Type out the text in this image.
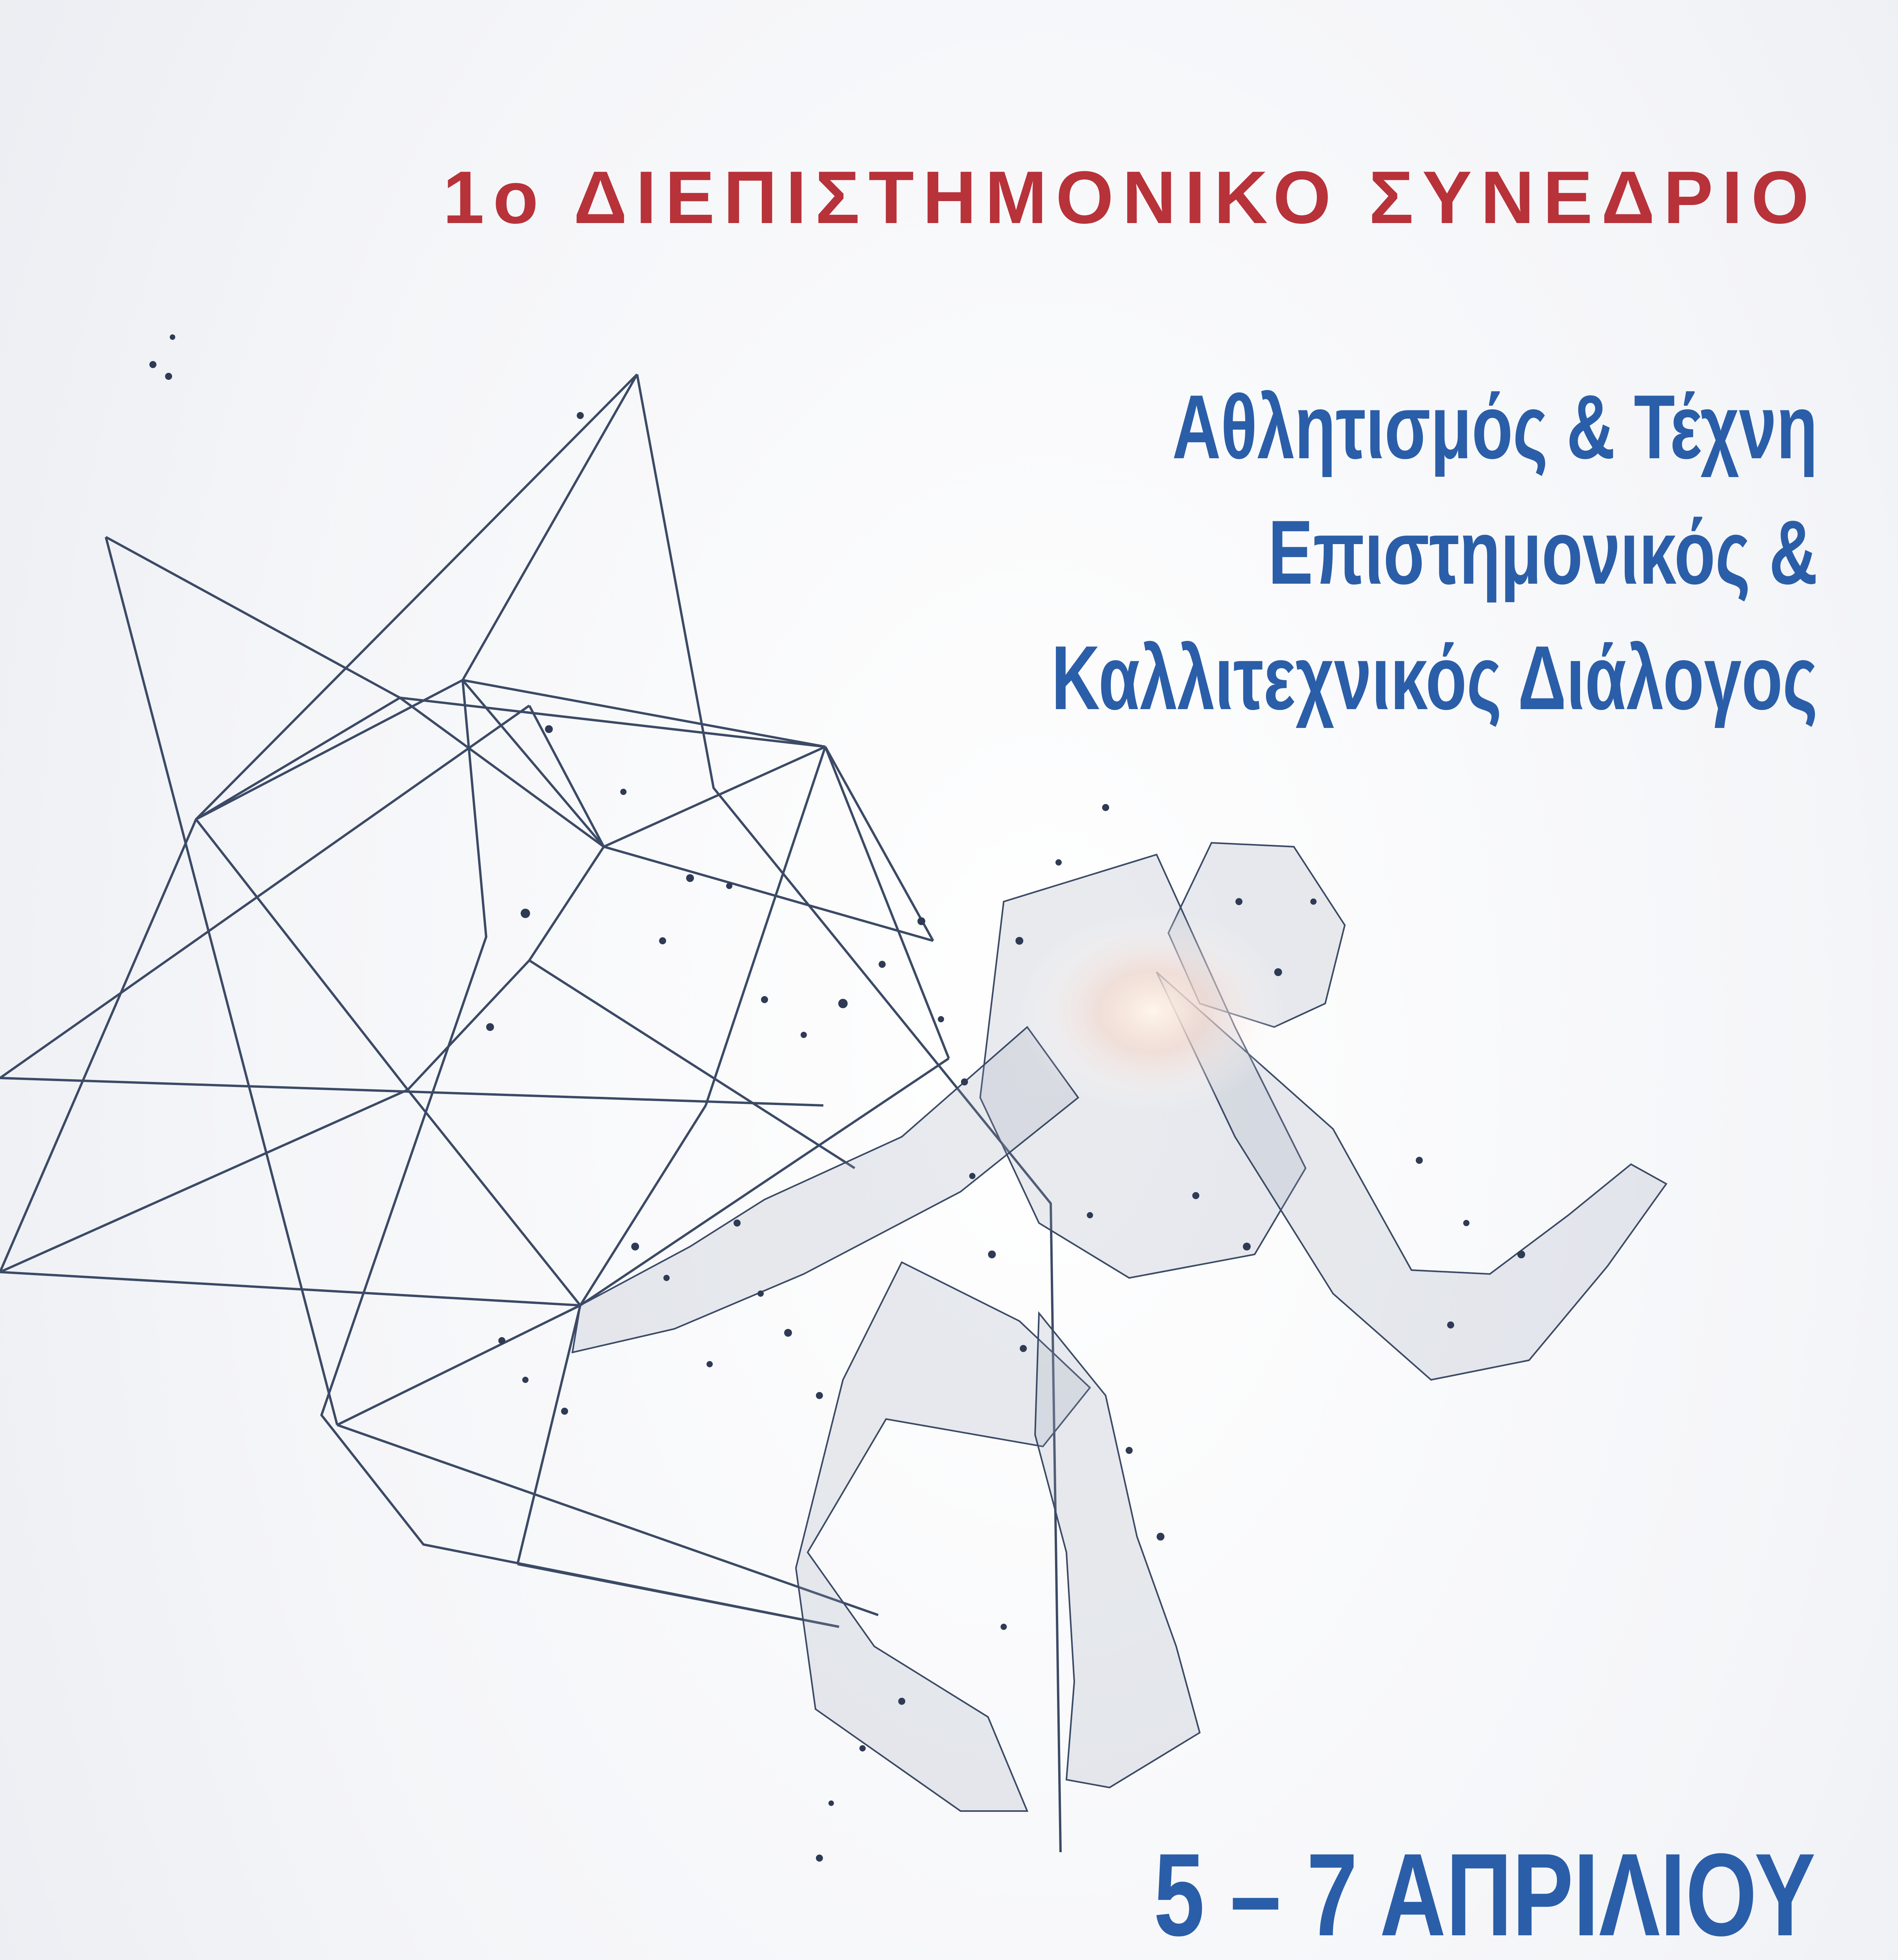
1ο ΔΙΕΠΙΣΤΗΜΟΝΙΚΟ ΣΥΝΕΔΡΙΟ

Αθλητισμός & Τέχνη
Επιστημονικός &
Καλλιτεχνικός Διάλογος

5 – 7 ΑΠΡΙΛΙΟΥ
